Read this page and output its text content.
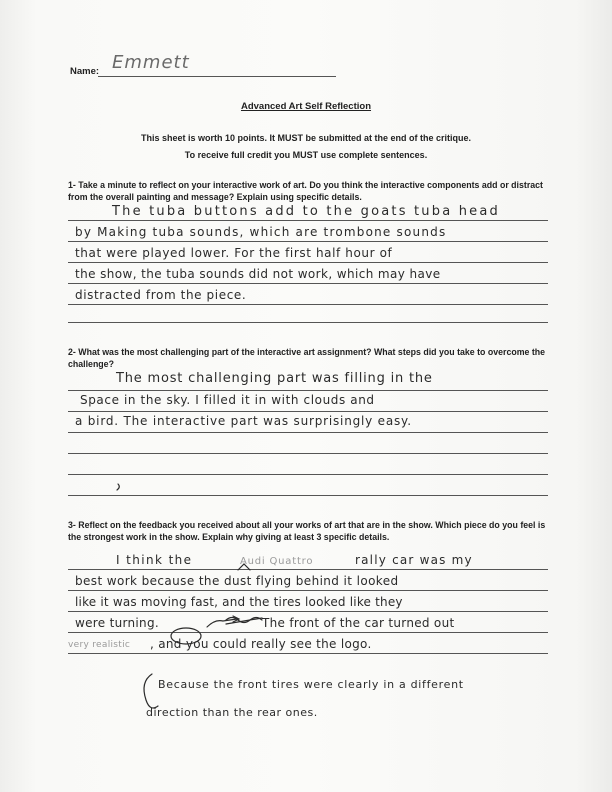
Name: Emmett
Advanced Art Self Reflection
This sheet is worth 10 points. It MUST be submitted at the end of the critique.
To receive full credit you MUST use complete sentences.
1- Take a minute to reflect on your interactive work of art. Do you think the interactive components add or distract from the overall painting and message? Explain using specific details.
The tuba buttons add to the goats tuba head
by Making tuba sounds, which are trombone sounds
that were played lower. For the first half hour of
the show, the tuba sounds did not work, which may have
distracted from the piece.
2- What was the most challenging part of the interactive art assignment? What steps did you take to overcome the challenge?
The most challenging part was filling in the
Space in the sky. I filled it in with clouds and
a bird. The interactive part was surprisingly easy.
3- Reflect on the feedback you received about all your works of art that are in the show. Which piece do you feel is the strongest work in the show. Explain why giving at least 3 specific details.
I think the	Audi Quattro	rally car was my
best work because the dust flying behind it looked
like it was moving fast, and the tires looked like they
were turning.	The front of the car turned out
very realistic , and you could really see the logo.
Because the front tires were clearly in a different
direction than the rear ones.
